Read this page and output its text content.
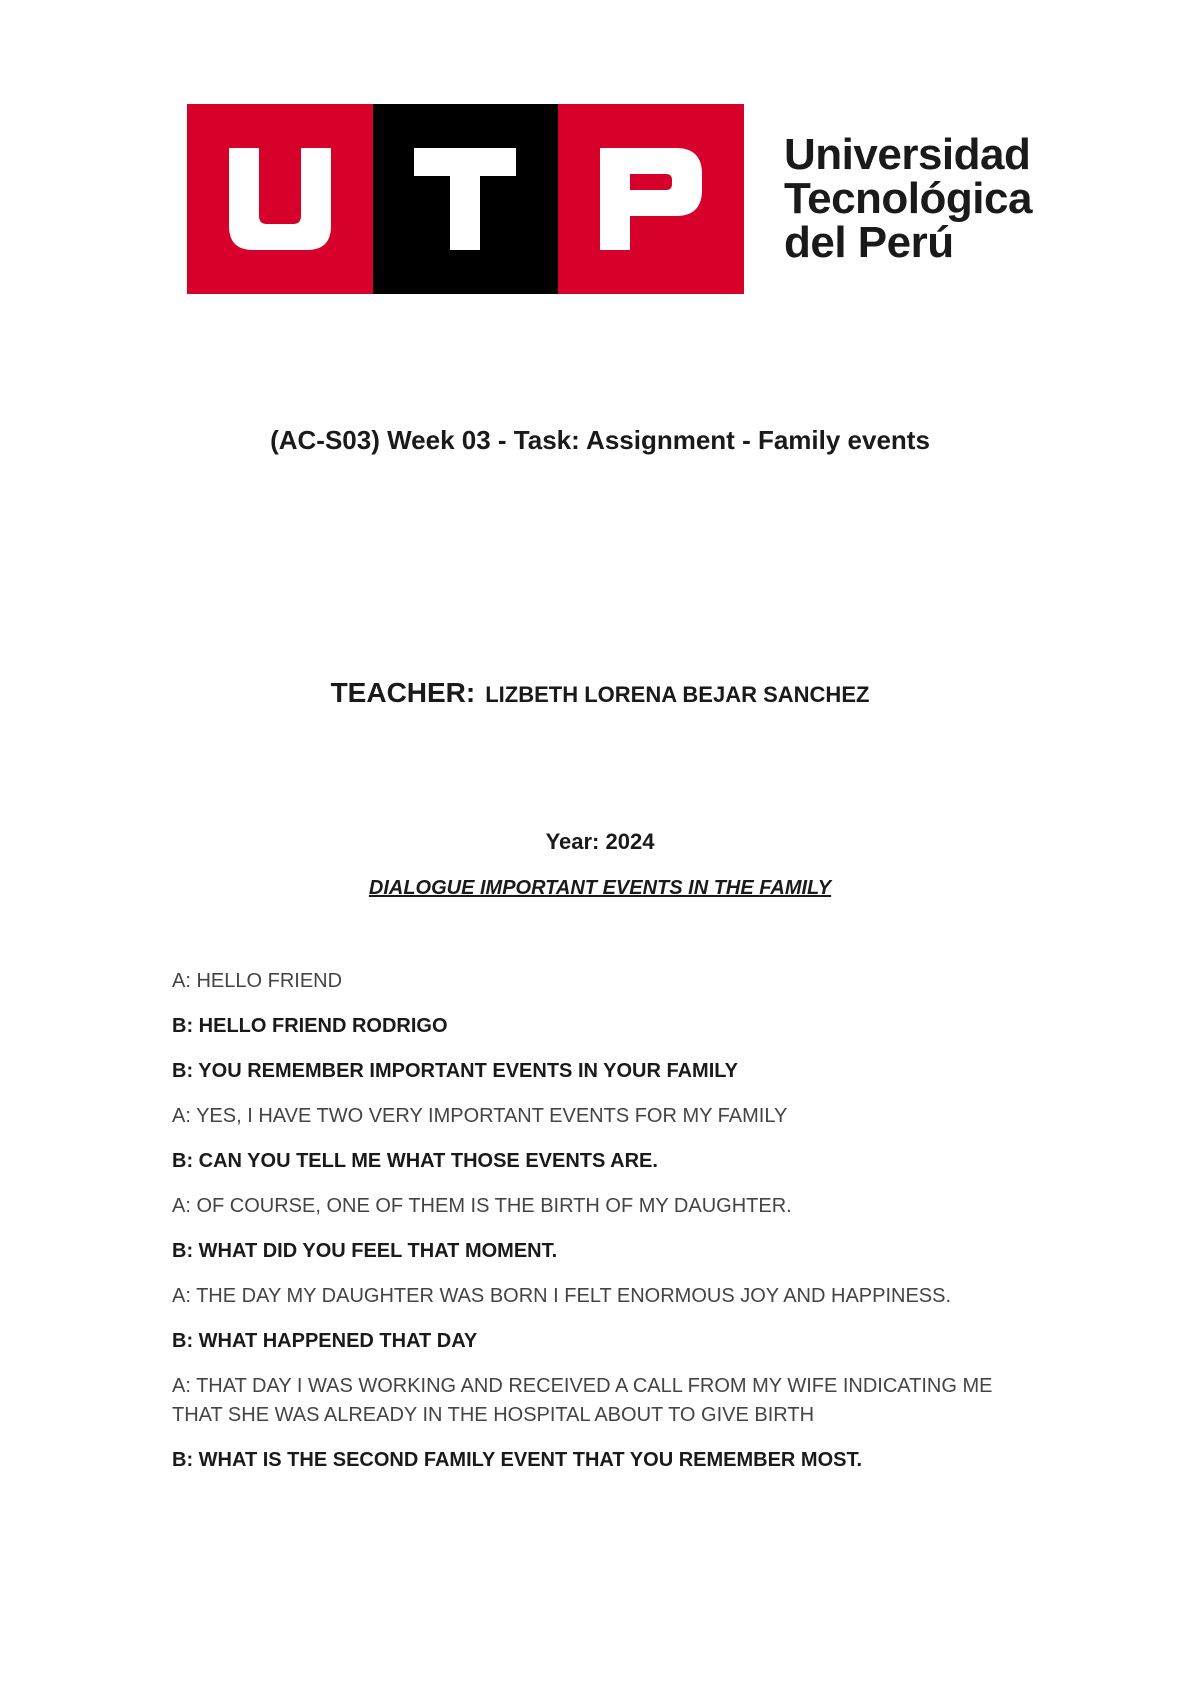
Universidad
Tecnológica
del Perú
(AC-S03) Week 03 - Task: Assignment - Family events
TEACHER: LIZBETH LORENA BEJAR SANCHEZ
Year: 2024
DIALOGUE IMPORTANT EVENTS IN THE FAMILY

A: HELLO FRIEND

B: HELLO FRIEND RODRIGO

B: YOU REMEMBER IMPORTANT EVENTS IN YOUR FAMILY

A: YES, I HAVE TWO VERY IMPORTANT EVENTS FOR MY FAMILY

B: CAN YOU TELL ME WHAT THOSE EVENTS ARE.

A: OF COURSE, ONE OF THEM IS THE BIRTH OF MY DAUGHTER.

B: WHAT DID YOU FEEL THAT MOMENT.

A: THE DAY MY DAUGHTER WAS BORN I FELT ENORMOUS JOY AND HAPPINESS.

B: WHAT HAPPENED THAT DAY

A: THAT DAY I WAS WORKING AND RECEIVED A CALL FROM MY WIFE INDICATING ME THAT SHE WAS ALREADY IN THE HOSPITAL ABOUT TO GIVE BIRTH

B: WHAT IS THE SECOND FAMILY EVENT THAT YOU REMEMBER MOST.
